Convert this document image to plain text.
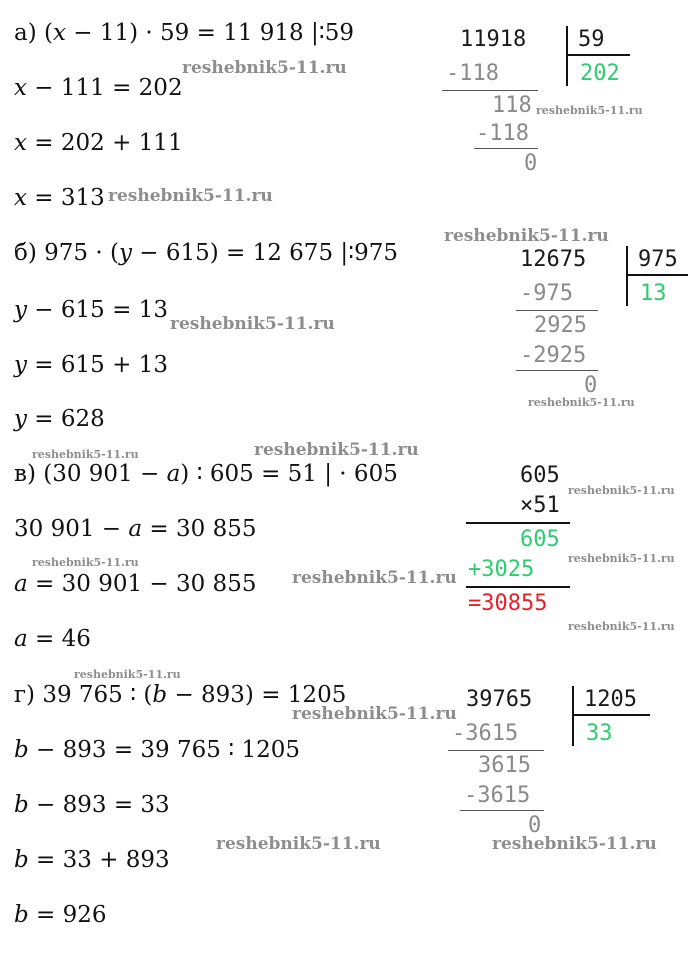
а) (x − 11) · 59 = 11 918 |∶59
x − 111 = 202
x = 202 + 111
x = 313
11918 59
202
-118
118
-118
0
б) 975 · (y − 615) = 12 675 |∶975
y − 615 = 13
y = 615 + 13
y = 628
12675 975
13
-975
2925
-2925
0
в) (30 901 − a) ∶ 605 = 51 | · 605
30 901 − a = 30 855
a = 30 901 − 30 855
a = 46
605
×51
605
+3025
=30855
г) 39 765 ∶ (b − 893) = 1205
b − 893 = 39 765 ∶ 1205
b − 893 = 33
b = 33 + 893
b = 926
39765 1205
33
-3615
3615
-3615
0
reshebnik5-11.ru
reshebnik5-11.ru
reshebnik5-11.ru
reshebnik5-11.ru
reshebnik5-11.ru
reshebnik5-11.ru
reshebnik5-11.ru	reshebnik5-11.ru
reshebnik5-11.ru
reshebnik5-11.ru	reshebnik5-11.ru
reshebnik5-11.ru
reshebnik5-11.ru
reshebnik5-11.ru
reshebnik5-11.ru
reshebnik5-11.ru	reshebnik5-11.ru
